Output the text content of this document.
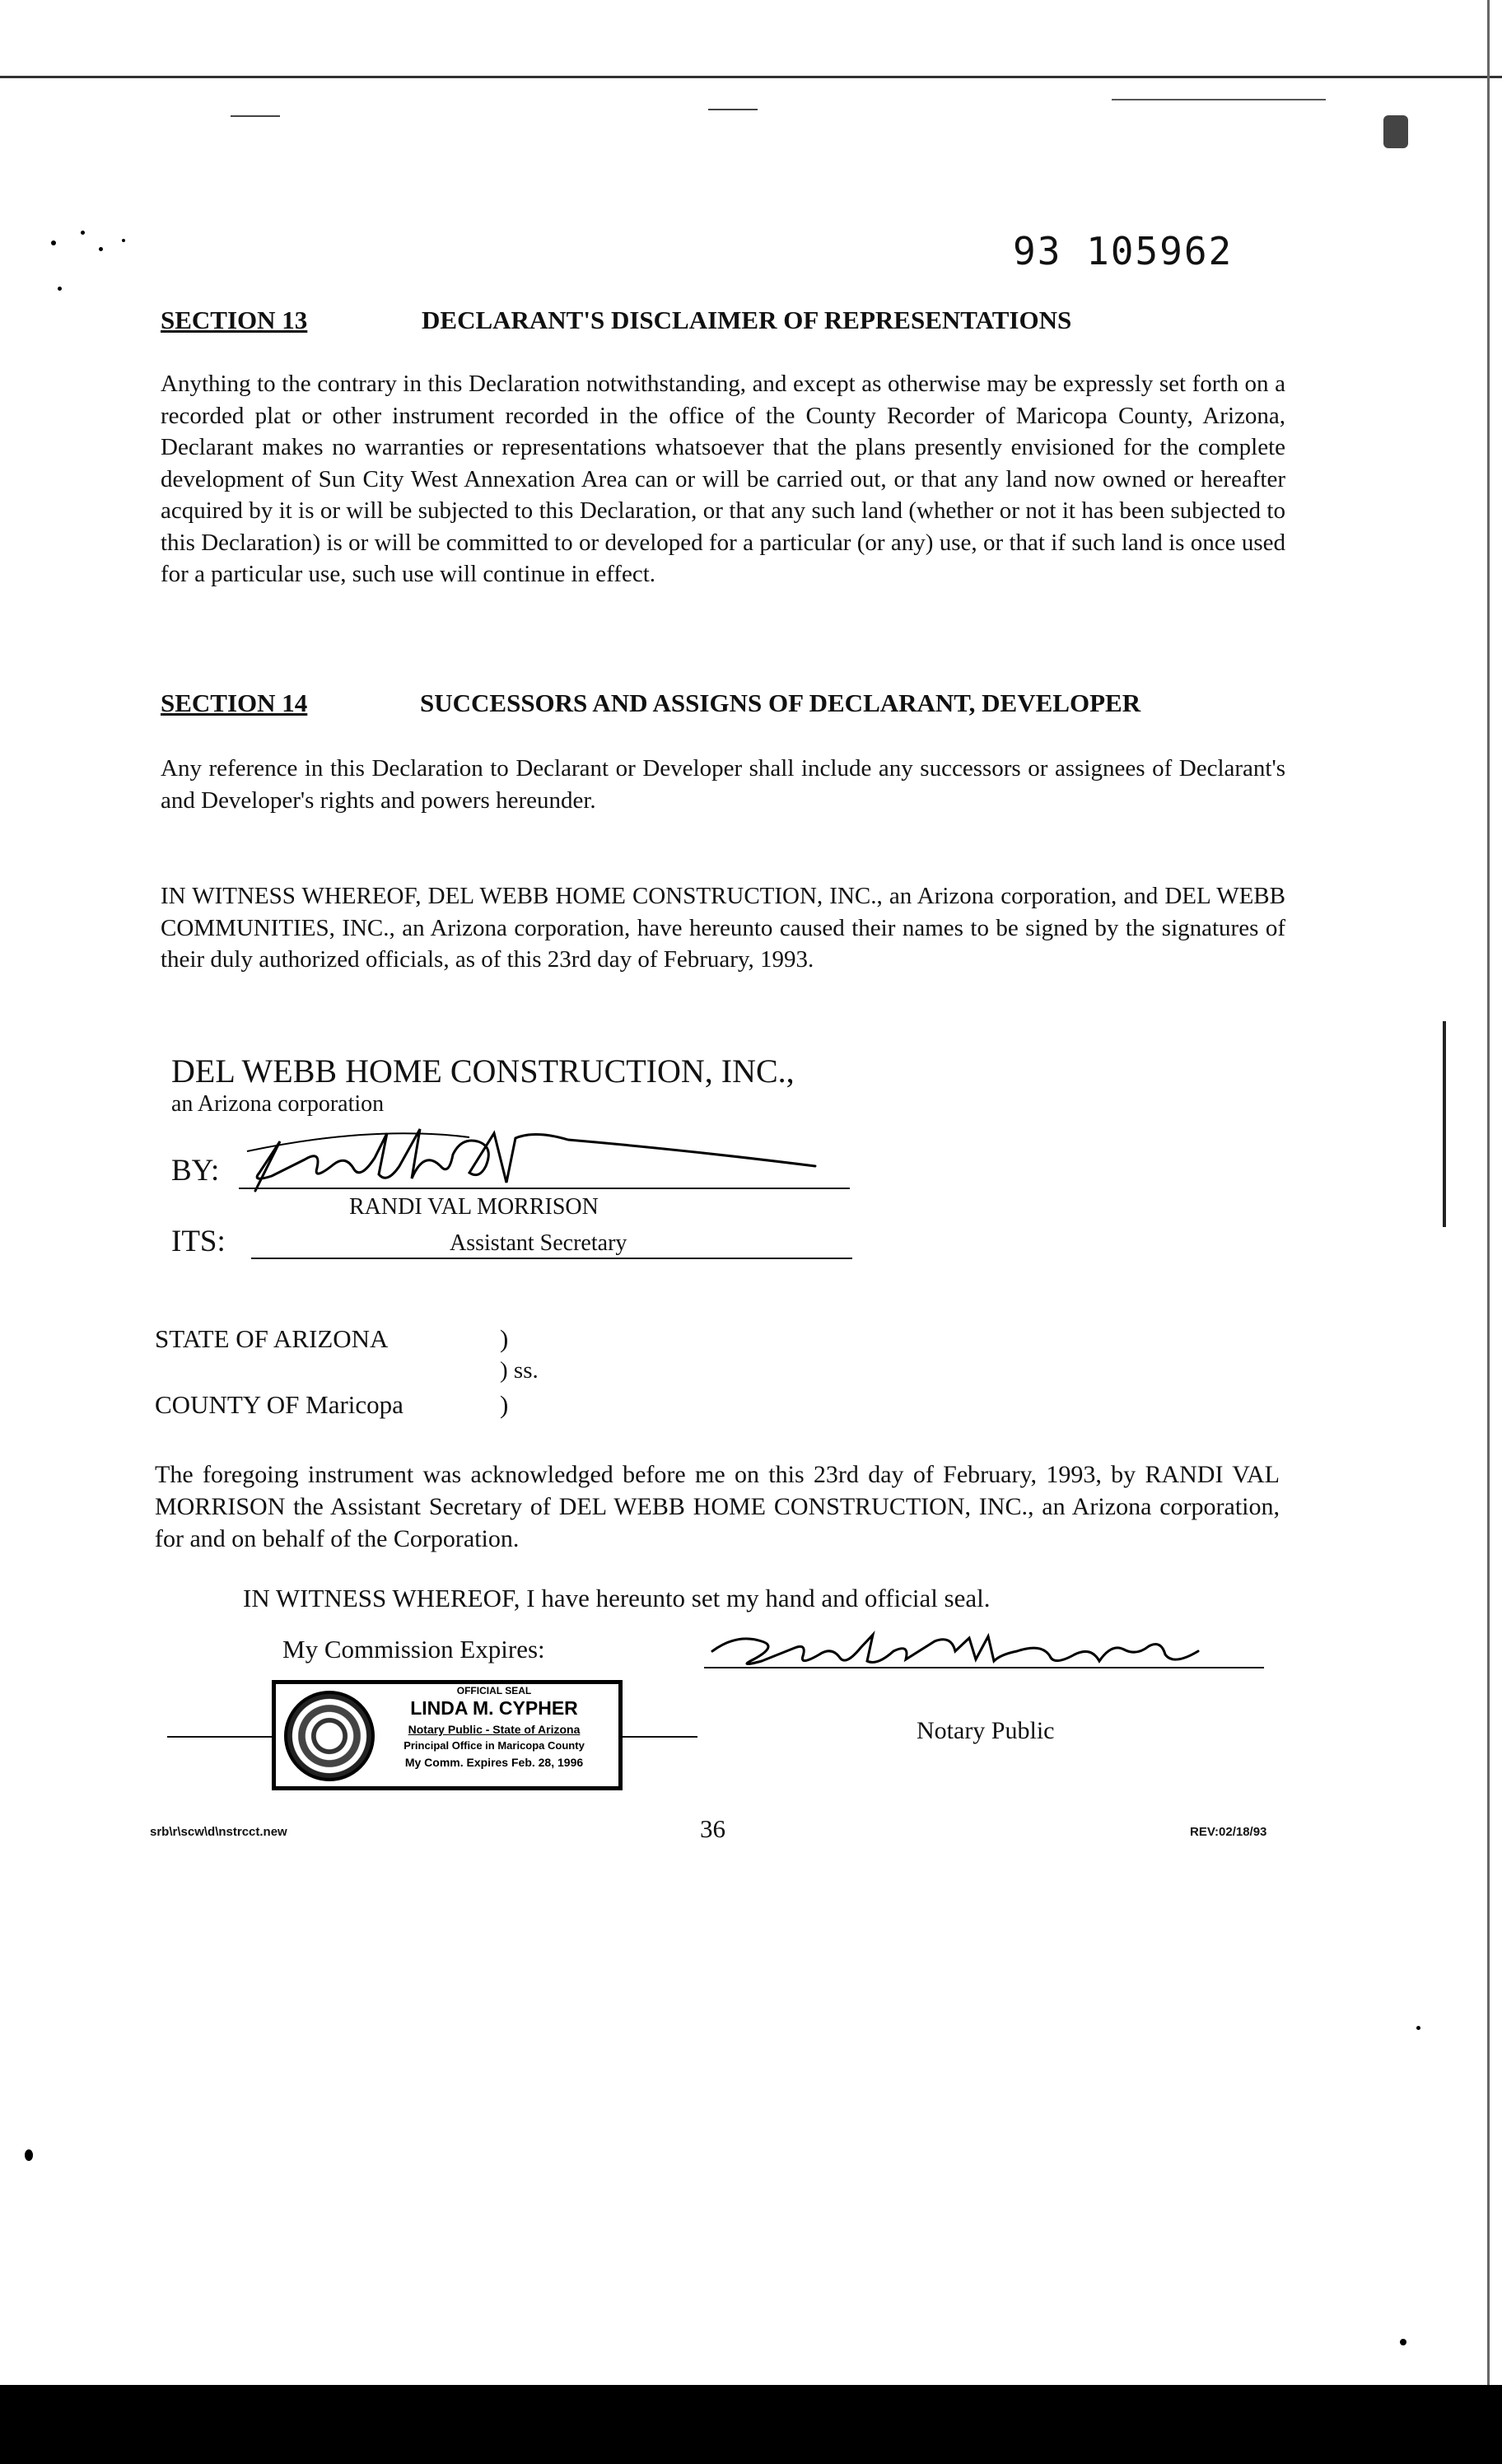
93 105962
SECTION 13	DECLARANT'S DISCLAIMER OF REPRESENTATIONS
Anything to the contrary in this Declaration notwithstanding, and except as otherwise may be expressly set forth on a recorded plat or other instrument recorded in the office of the County Recorder of Maricopa County, Arizona, Declarant makes no warranties or representations whatsoever that the plans presently envisioned for the complete development of Sun City West Annexation Area can or will be carried out, or that any land now owned or hereafter acquired by it is or will be subjected to this Declaration, or that any such land (whether or not it has been subjected to this Declaration) is or will be committed to or developed for a particular (or any) use, or that if such land is once used for a particular use, such use will continue in effect.
SECTION 14	SUCCESSORS AND ASSIGNS OF DECLARANT, DEVELOPER
Any reference in this Declaration to Declarant or Developer shall include any successors or assignees of Declarant's and Developer's rights and powers hereunder.
IN WITNESS WHEREOF, DEL WEBB HOME CONSTRUCTION, INC., an Arizona corporation, and DEL WEBB COMMUNITIES, INC., an Arizona corporation, have hereunto caused their names to be signed by the signatures of their duly authorized officials, as of this 23rd day of February, 1993.
DEL WEBB HOME CONSTRUCTION, INC.,
an Arizona corporation
BY:
RANDI VAL MORRISON
ITS:	Assistant Secretary
STATE OF ARIZONA	)
) ss.
COUNTY OF Maricopa	)
The foregoing instrument was acknowledged before me on this 23rd day of February, 1993, by RANDI VAL MORRISON the Assistant Secretary of DEL WEBB HOME CONSTRUCTION, INC., an Arizona corporation, for and on behalf of the Corporation.
IN WITNESS WHEREOF, I have hereunto set my hand and official seal.
My Commission Expires:
OFFICIAL SEAL
LINDA M. CYPHER
Notary Public - State of Arizona
Principal Office in Maricopa County
My Comm. Expires Feb. 28, 1996
Notary Public
srb\r\scw\d\nstrcct.new	36	REV:02/18/93
